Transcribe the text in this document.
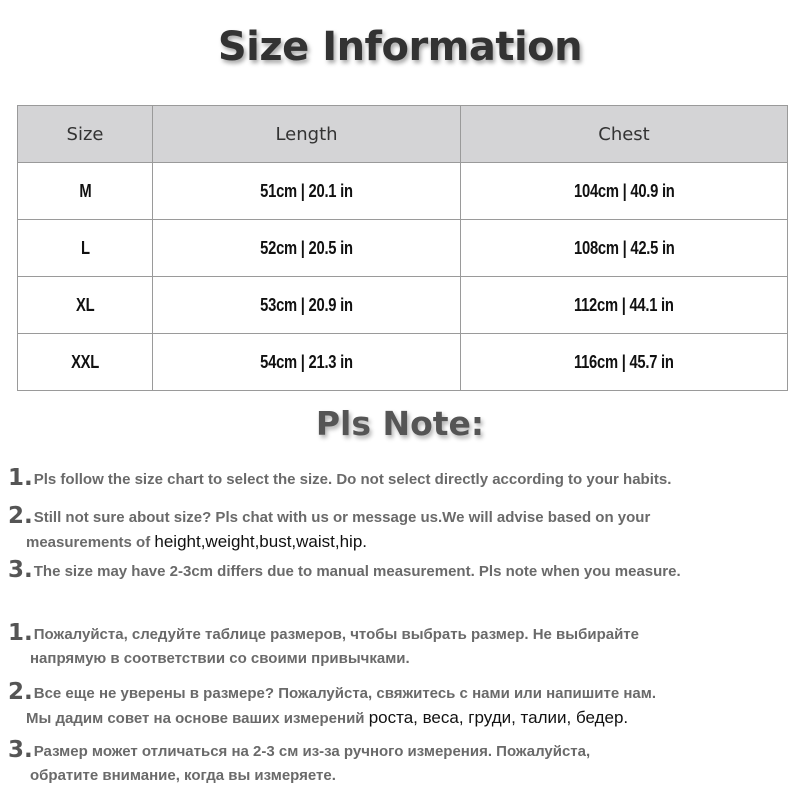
Size Information
Size	Length	Chest
M	51cm | 20.1 in	104cm | 40.9 in
L	52cm | 20.5 in	108cm | 42.5 in
XL	53cm | 20.9 in	112cm | 44.1 in
XXL	54cm | 21.3 in	116cm | 45.7 in
Pls Note:
1.Pls follow the size chart to select the size. Do not select directly according to your habits.
2.Still not sure about size? Pls chat with us or message us.We will advise based on your
measurements of height,weight,bust,waist,hip.
3.The size may have 2-3cm differs due to manual measurement. Pls note when you measure.
1.Пожалуйста, следуйте таблице размеров, чтобы выбрать размер. Не выбирайте
напрямую в соответствии со своими привычками.
2.Все еще не уверены в размере? Пожалуйста, свяжитесь с нами или напишите нам.
Мы дадим совет на основе ваших измерений роста, веса, груди, талии, бедер.
3.Размер может отличаться на 2-3 см из-за ручного измерения. Пожалуйста,
обратите внимание, когда вы измеряете.
